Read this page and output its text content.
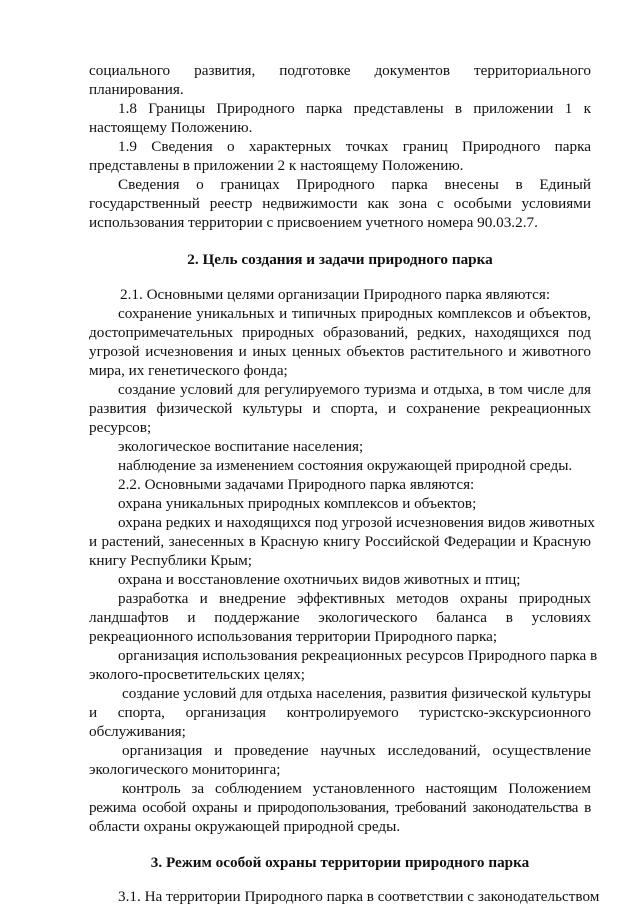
социального развития, подготовке документов территориального

планирования.

1.8 Границы Природного парка представлены в приложении 1 к

настоящему Положению.

1.9 Сведения о характерных точках границ Природного парка

представлены в приложении 2 к настоящему Положению.

Сведения о границах Природного парка внесены в Единый

государственный реестр недвижимости как зона с особыми условиями

использования территории с присвоением учетного номера 90.03.2.7.

2. Цель создания и задачи природного парка

2.1. Основными целями организации Природного парка являются:

сохранение уникальных и типичных природных комплексов и объектов,

достопримечательных природных образований, редких, находящихся под

угрозой исчезновения и иных ценных объектов растительного и животного

мира, их генетического фонда;

создание условий для регулируемого туризма и отдыха, в том числе для

развития физической культуры и спорта, и сохранение рекреационных

ресурсов;

экологическое воспитание населения;

наблюдение за изменением состояния окружающей природной среды.

2.2. Основными задачами Природного парка являются:

охрана уникальных природных комплексов и объектов;

охрана редких и находящихся под угрозой исчезновения видов животных

и растений, занесенных в Красную книгу Российской Федерации и Красную

книгу Республики Крым;

охрана и восстановление охотничьих видов животных и птиц;

разработка и внедрение эффективных методов охраны природных

ландшафтов и поддержание экологического баланса в условиях

рекреационного использования территории Природного парка;

организация использования рекреационных ресурсов Природного парка в

эколого-просветительских целях;

создание условий для отдыха населения, развития физической культуры

и спорта, организация контролируемого туристско-экскурсионного

обслуживания;

организация и проведение научных исследований, осуществление

экологического мониторинга;

контроль за соблюдением установленного настоящим Положением

режима особой охраны и природопользования, требований законодательства в

области охраны окружающей природной среды.

3. Режим особой охраны территории природного парка

3.1. На территории Природного парка в соответствии с законодательством
